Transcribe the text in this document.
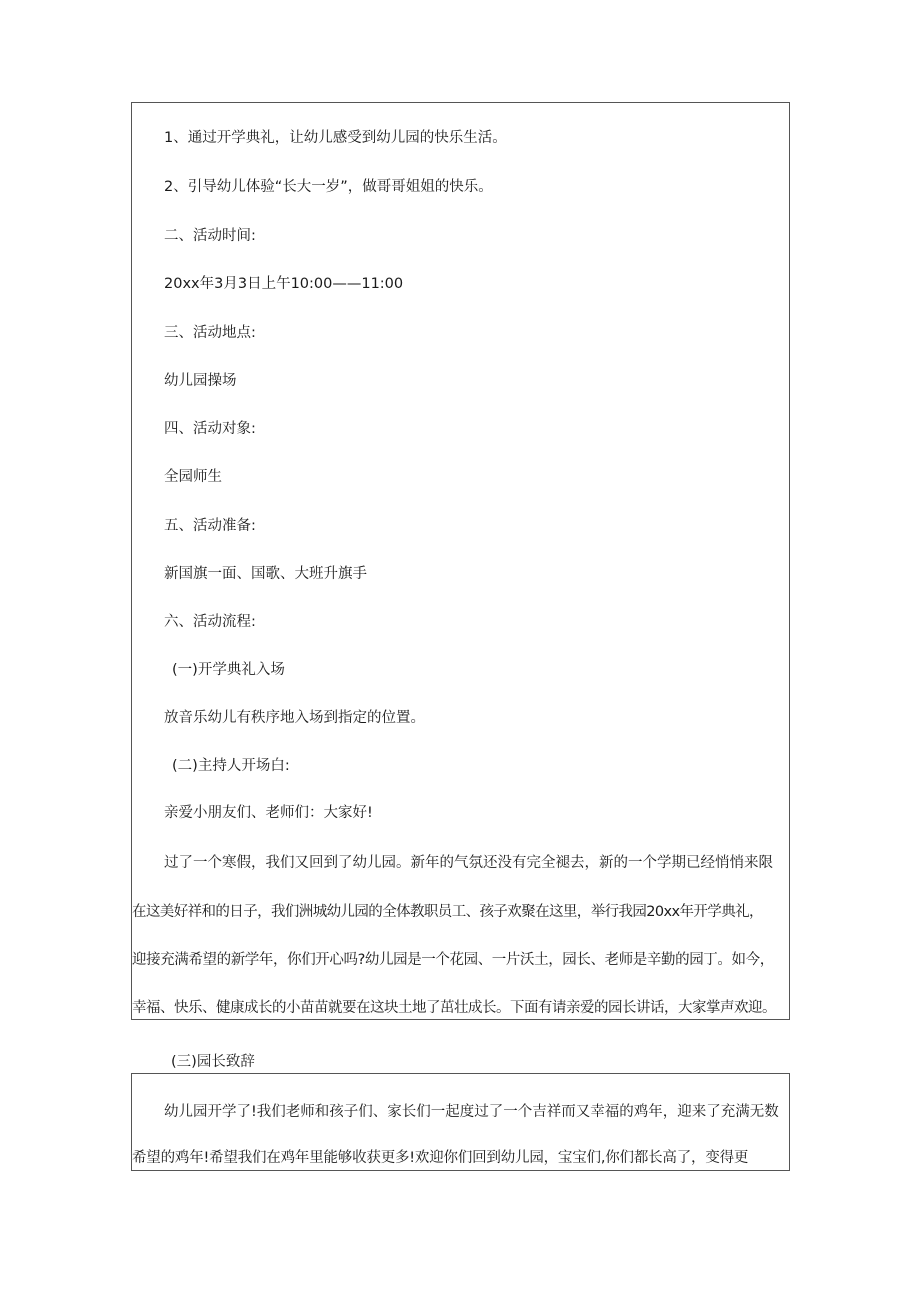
1、通过开学典礼，让幼儿感受到幼儿园的快乐生活。
2、引导幼儿体验“长大一岁”，做哥哥姐姐的快乐。
二、活动时间:
20xx年3月3日上午10:00——11:00
三、活动地点:
幼儿园操场
四、活动对象:
全园师生
五、活动准备:
新国旗一面、国歌、大班升旗手
六、活动流程:
(一)开学典礼入场
放音乐幼儿有秩序地入场到指定的位置。
(二)主持人开场白:
亲爱小朋友们、老师们：大家好!
过了一个寒假，我们又回到了幼儿园。新年的气氛还没有完全褪去，新的一个学期已经悄悄来限
在这美好祥和的日子，我们洲城幼儿园的全体教职员工、孩子欢聚在这里，举行我园20xx年开学典礼，
迎接充满希望的新学年，你们开心吗?幼儿园是一个花园、一片沃土，园长、老师是辛勤的园丁。如今，
幸福、快乐、健康成长的小苗苗就要在这块土地了茁壮成长。下面有请亲爱的园长讲话，大家掌声欢迎。
(三)园长致辞
幼儿园开学了!我们老师和孩子们、家长们一起度过了一个吉祥而又幸福的鸡年，迎来了充满无数
希望的鸡年!希望我们在鸡年里能够收获更多!欢迎你们回到幼儿园，宝宝们,你们都长高了，变得更
